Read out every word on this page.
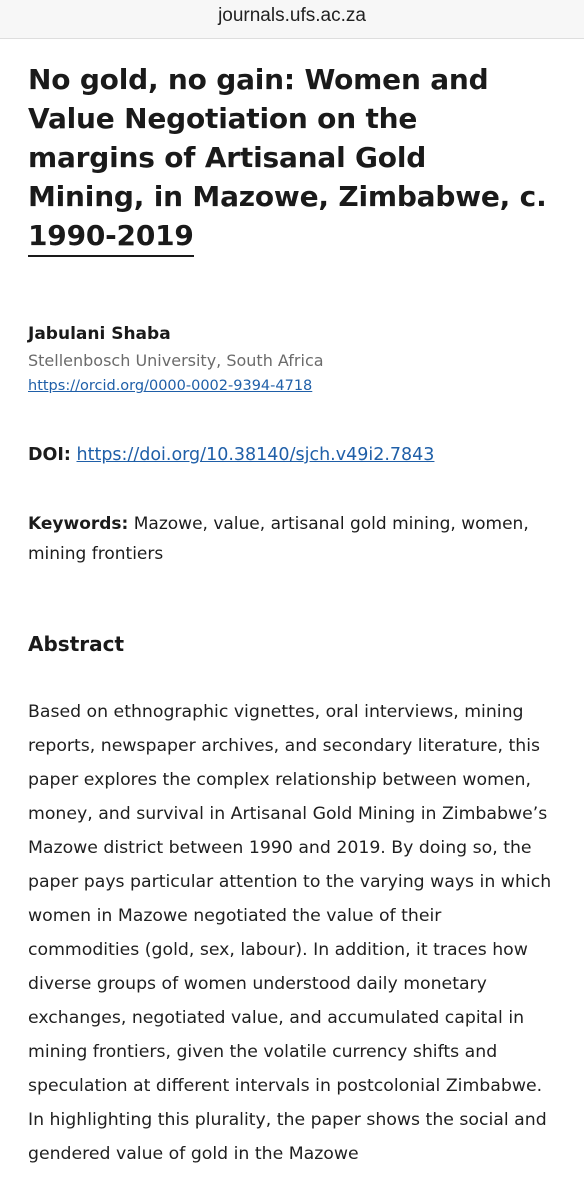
journals.ufs.ac.za
No gold, no gain: Women and Value Negotiation on the margins of Artisanal Gold Mining, in Mazowe, Zimbabwe, c. 1990-2019
Jabulani Shaba
Stellenbosch University, South Africa
https://orcid.org/0000-0002-9394-4718
DOI: https://doi.org/10.38140/sjch.v49i2.7843
Keywords: Mazowe, value, artisanal gold mining, women, mining frontiers
Abstract

Based on ethnographic vignettes, oral interviews, mining reports, newspaper archives, and secondary literature, this paper explores the complex relationship between women, money, and survival in Artisanal Gold Mining in Zimbabwe’s Mazowe district between 1990 and 2019. By doing so, the paper pays particular attention to the varying ways in which women in Mazowe negotiated the value of their commodities (gold, sex, labour). In addition, it traces how diverse groups of women understood daily monetary exchanges, negotiated value, and accumulated capital in mining frontiers, given the volatile currency shifts and speculation at different intervals in postcolonial Zimbabwe. In highlighting this plurality, the paper shows the social and gendered value of gold in the Mazowe
